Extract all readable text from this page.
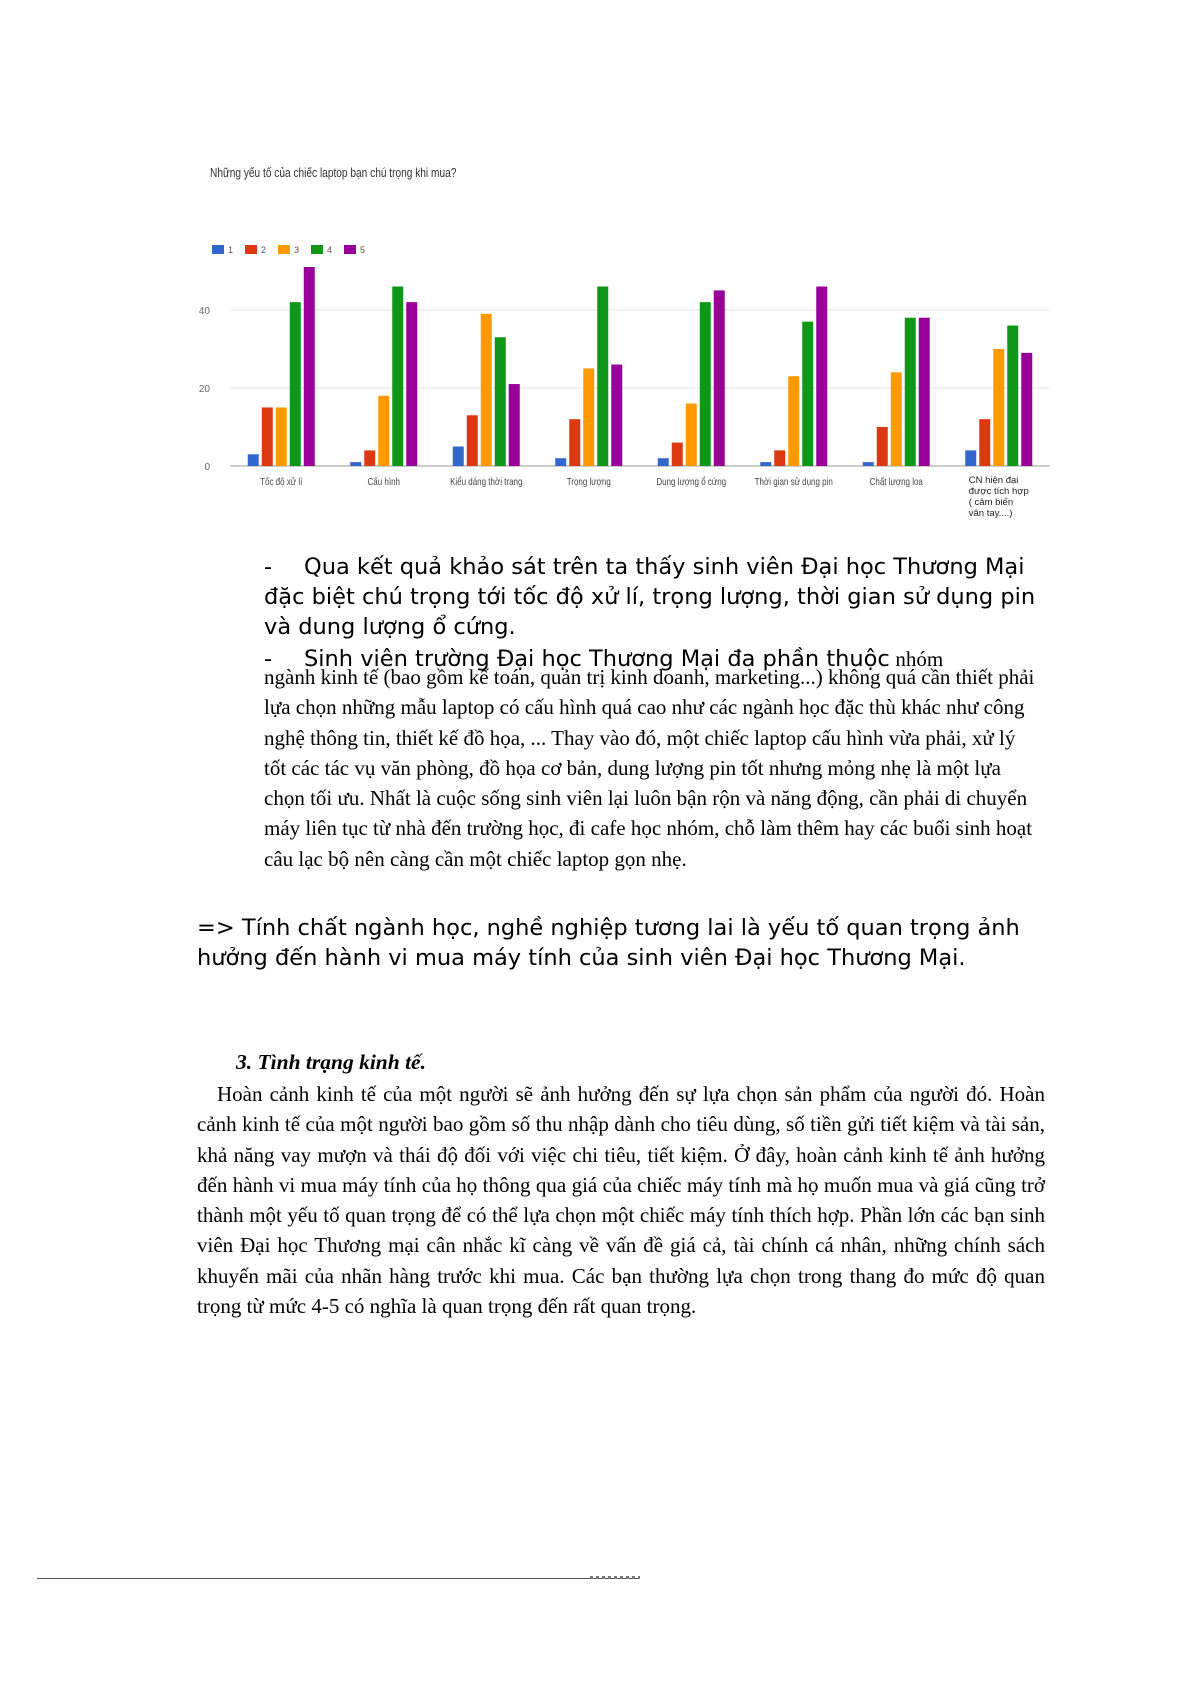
Những yếu tố của chiếc laptop bạn chú trọng khi mua?
0
20
40
1	2	3	4	5
Tốc độ xử lí	Cấu hình	Kiểu dáng thời trang	Trọng lượng	Dung lượng ổ cứng	Thời gian sử dụng pin	Chất lượng loa	CN hiện đại được tích hợp ( cảm biến vân tay....)
- Qua kết quả khảo sát trên ta thấy sinh viên Đại học Thương Mại đặc biệt chú trọng tới tốc độ xử lí, trọng lượng, thời gian sử dụng pin và dung lượng ổ cứng.
- Sinh viên trường Đại học Thương Mại đa phần thuộc nhóm
ngành kinh tế (bao gồm kế toán, quản trị kinh doanh, marketing...) không quá cần thiết phải lựa chọn những mẫu laptop có cấu hình quá cao như các ngành học đặc thù khác như công nghệ thông tin, thiết kế đồ họa, ... Thay vào đó, một chiếc laptop cấu hình vừa phải, xử lý tốt các tác vụ văn phòng, đồ họa cơ bản, dung lượng pin tốt nhưng mỏng nhẹ là một lựa chọn tối ưu. Nhất là cuộc sống sinh viên lại luôn bận rộn và năng động, cần phải di chuyển máy liên tục từ nhà đến trường học, đi cafe học nhóm, chỗ làm thêm hay các buổi sinh hoạt câu lạc bộ nên càng cần một chiếc laptop gọn nhẹ.
=> Tính chất ngành học, nghề nghiệp tương lai là yếu tố quan trọng ảnh hưởng đến hành vi mua máy tính của sinh viên Đại học Thương Mại.
3. Tình trạng kinh tế.
Hoàn cảnh kinh tế của một người sẽ ảnh hưởng đến sự lựa chọn sản phẩm của người đó. Hoàn cảnh kinh tế của một người bao gồm số thu nhập dành cho tiêu dùng, số tiền gửi tiết kiệm và tài sản, khả năng vay mượn và thái độ đối với việc chi tiêu, tiết kiệm. Ở đây, hoàn cảnh kinh tế ảnh hưởng đến hành vi mua máy tính của họ thông qua giá của chiếc máy tính mà họ muốn mua và giá cũng trở thành một yếu tố quan trọng để có thể lựa chọn một chiếc máy tính thích hợp. Phần lớn các bạn sinh viên Đại học Thương mại cân nhắc kĩ càng về vấn đề giá cả, tài chính cá nhân, những chính sách khuyến mãi của nhãn hàng trước khi mua. Các bạn thường lựa chọn trong thang đo mức độ quan trọng từ mức 4-5 có nghĩa là quan trọng đến rất quan trọng.
